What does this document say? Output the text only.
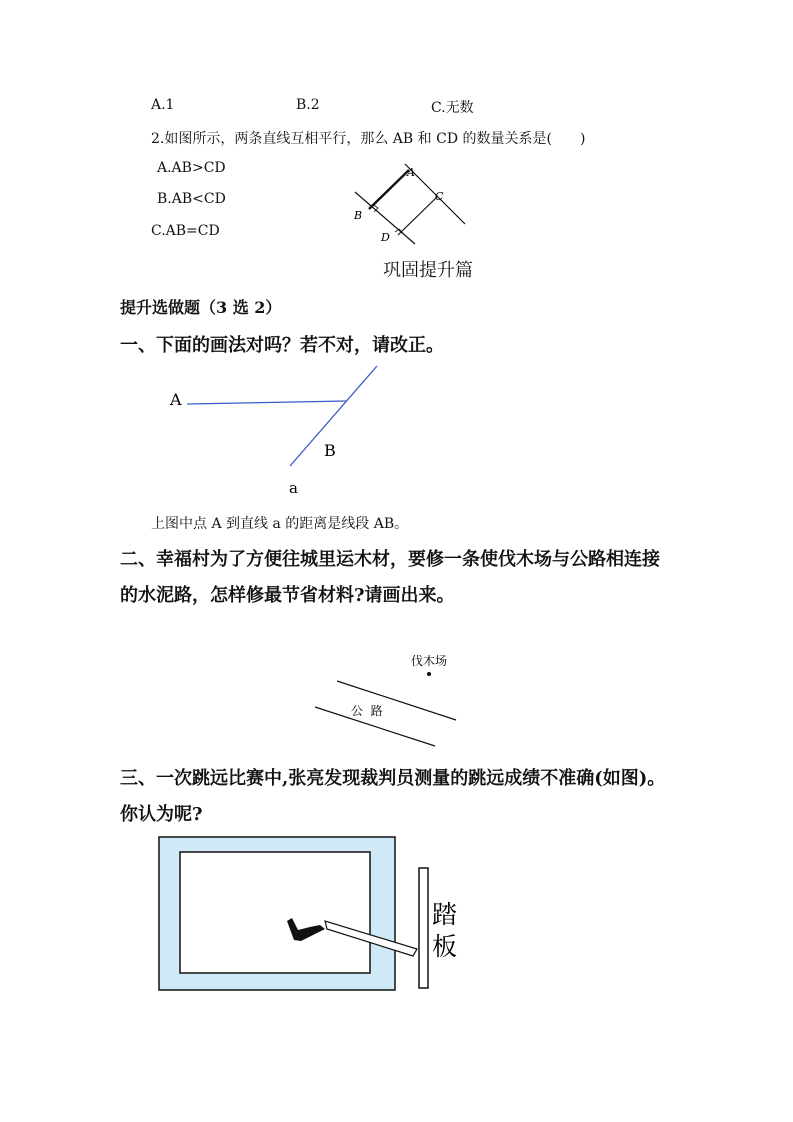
A.1	B.2	C.无数
2.如图所示，两条直线互相平行，那么 AB 和 CD 的数量关系是(　　)
A.AB>CD
B.AB<CD
C.AB=CD
A
B
C
D
巩固提升篇
提升选做题（3 选 2）
一、下面的画法对吗？若不对，请改正。
A
B
a
上图中点 A 到直线 a 的距离是线段 AB。
二、幸福村为了方便往城里运木材，要修一条使伐木场与公路相连接
的水泥路，怎样修最节省材料?请画出来。
伐木场
公  路
三、一次跳远比赛中,张亮发现裁判员测量的跳远成绩不准确(如图)。
你认为呢?
踏
板
